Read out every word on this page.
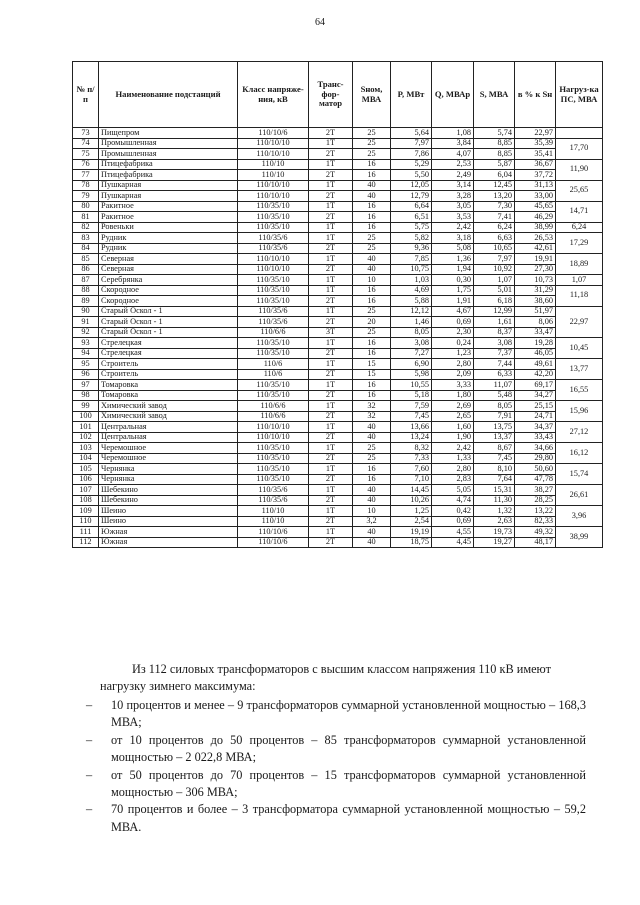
64
№ п/п	Наименование подстанций	Класс напряже-ния, кВ	Транс-фор-матор	Sном, МВА	P, МВт	Q, МВАр	S, МВА	в % к Sн	Нагруз-ка ПС, МВА
73	Пищепром	110/10/6	2Т	25	5,64	1,08	5,74	22,97	
74	Промышленная	110/10/10	1Т	25	7,97	3,84	8,85	35,39	17,70
75	Промышленная	110/10/10	2Т	25	7,86	4,07	8,85	35,41	
76	Птицефабрика	110/10	1Т	16	5,29	2,53	5,87	36,67	11,90
77	Птицефабрика	110/10	2Т	16	5,50	2,49	6,04	37,72	
78	Пушкарная	110/10/10	1Т	40	12,05	3,14	12,45	31,13	25,65
79	Пушкарная	110/10/10	2Т	40	12,79	3,28	13,20	33,00	
80	Ракитное	110/35/10	1Т	16	6,64	3,05	7,30	45,65	14,71
81	Ракитное	110/35/10	2Т	16	6,51	3,53	7,41	46,29	
82	Ровеньки	110/35/10	1Т	16	5,75	2,42	6,24	38,99	6,24
83	Рудник	110/35/6	1Т	25	5,82	3,18	6,63	26,53	17,29
84	Рудник	110/35/6	2Т	25	9,36	5,08	10,65	42,61	
85	Северная	110/10/10	1Т	40	7,85	1,36	7,97	19,91	18,89
86	Северная	110/10/10	2Т	40	10,75	1,94	10,92	27,30	
87	Серебрянка	110/35/10	1Т	10	1,03	0,30	1,07	10,73	1,07
88	Скородное	110/35/10	1Т	16	4,69	1,75	5,01	31,29	11,18
89	Скородное	110/35/10	2Т	16	5,88	1,91	6,18	38,60	
90	Старый Оскол - 1	110/35/6	1Т	25	12,12	4,67	12,99	51,97	22,97
91	Старый Оскол - 1	110/35/6	2Т	20	1,46	0,69	1,61	8,06	
92	Старый Оскол - 1	110/6/6	3Т	25	8,05	2,30	8,37	33,47	
93	Стрелецкая	110/35/10	1Т	16	3,08	0,24	3,08	19,28	10,45
94	Стрелецкая	110/35/10	2Т	16	7,27	1,23	7,37	46,05	
95	Строитель	110/6	1Т	15	6,90	2,80	7,44	49,61	13,77
96	Строитель	110/6	2Т	15	5,98	2,09	6,33	42,20	
97	Томаровка	110/35/10	1Т	16	10,55	3,33	11,07	69,17	16,55
98	Томаровка	110/35/10	2Т	16	5,18	1,80	5,48	34,27	
99	Химический завод	110/6/6	1Т	32	7,59	2,69	8,05	25,15	15,96
100	Химический завод	110/6/6	2Т	32	7,45	2,65	7,91	24,71	
101	Центральная	110/10/10	1Т	40	13,66	1,60	13,75	34,37	27,12
102	Центральная	110/10/10	2Т	40	13,24	1,90	13,37	33,43	
103	Черемошное	110/35/10	1Т	25	8,32	2,42	8,67	34,66	16,12
104	Черемошное	110/35/10	2Т	25	7,33	1,33	7,45	29,80	
105	Чернянка	110/35/10	1Т	16	7,60	2,80	8,10	50,60	15,74
106	Чернянка	110/35/10	2Т	16	7,10	2,83	7,64	47,78	
107	Шебекино	110/35/6	1Т	40	14,45	5,05	15,31	38,27	26,61
108	Шебекино	110/35/6	2Т	40	10,26	4,74	11,30	28,25	
109	Шеино	110/10	1Т	10	1,25	0,42	1,32	13,22	3,96
110	Шеино	110/10	2Т	3,2	2,54	0,69	2,63	82,33	
111	Южная	110/10/6	1Т	40	19,19	4,55	19,73	49,32	38,99
112	Южная	110/10/6	2Т	40	18,75	4,45	19,27	48,17	
Из 112 силовых трансформаторов с высшим классом напряжения 110 кВ имеют нагрузку зимнего максимума:
– 10 процентов и менее – 9 трансформаторов суммарной установленной мощностью – 168,3 МВА;
– от 10 процентов до 50 процентов – 85 трансформаторов суммарной установленной мощностью – 2 022,8 МВА;
– от 50 процентов до 70 процентов – 15 трансформаторов суммарной установленной мощностью – 306 МВА;
– 70 процентов и более – 3 трансформатора суммарной установленной мощностью – 59,2 МВА.
